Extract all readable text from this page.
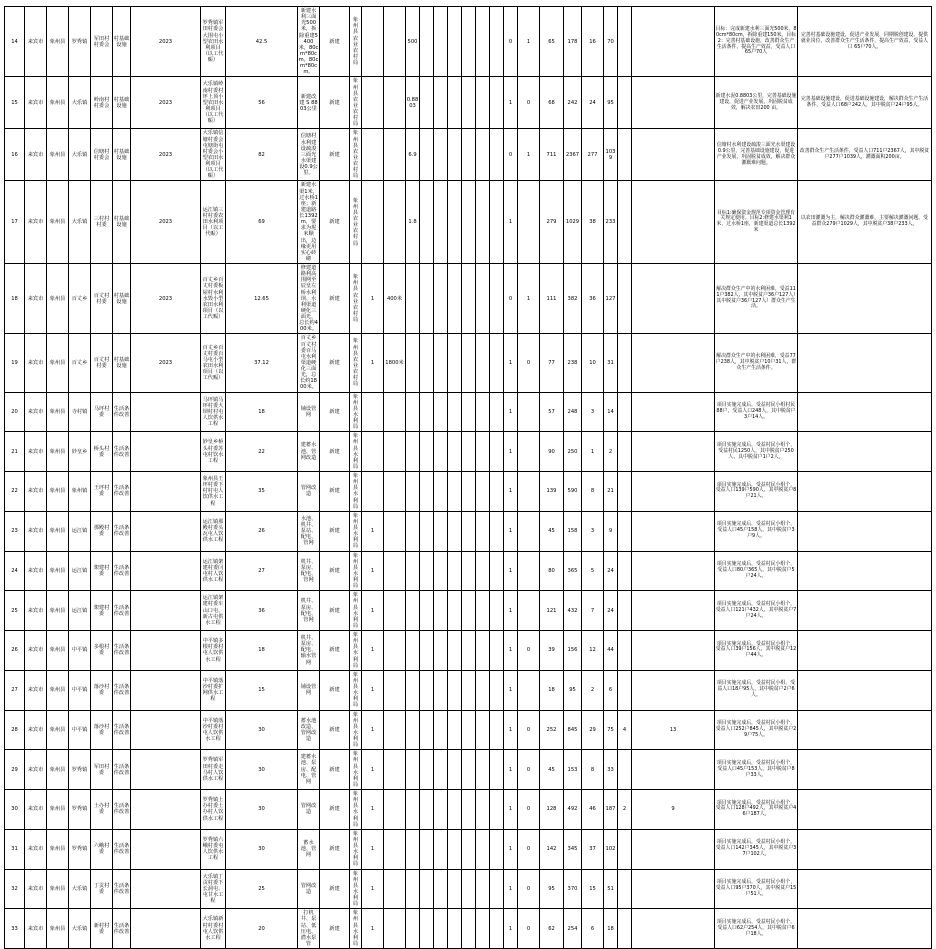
14	来宾市	象州县	罗秀镇	军田村村委会	村基础设施	2023	罗秀镇军田村委会大围屯小型农田水利项目（以工代赈）	42.5	新建水利三面光500米，拆除重建5400米，80cm*80cm，80cm*80cm。	新建	象州县农业农村局			500							0	1	65	178	16	70			目标：完成新建水利三面光500米、80cm*80cm，拆除重建150米，目标2：完善村基础设施，改善群众生产生活条件，提高生产效益，受益人口 65户70人	完善村基础设施建设，促进产业发展，同期脱创建设，提供就业岗位，改善群众生产生活条件，提高生产效益，受益人口 65户70人。
15	来宾市	象州县	大乐镇	岭南村村委会	村基础设施	2023	大乐镇岭南村委村坪上顶小型农田水利项目（以工代赈）	56	新建改建 S 8803公里	新建	象州县农业农村局			0.8803							1	0	68	242	24	95			新建水泥0.8803公里，完善基础设施建设，促进产业发展，巩固脱贫成效，解决农田200 亩。	完善基础设施建设，促进基础设施建设，解决群众生产生活条件，受益人口68户242人，其中脱贫户24户95人。
16	来宾市	象州县	大乐镇	信塘村村委会	村基础设施	2023	大乐镇信塘村委会屯塘街屯村委会小型农田水利项目（以工代赈）	82	信塘村水利建设疏浚三面光水渠建设0.9公里。	新建	象州县农业农村局			6.9							0	1	711	2367	277	1039			信塘村水利建设疏浚三面光水渠建设0.9公里，完善基础设施建设，促进产业发展，巩固脱贫成效，解决群众灌溉难问题。	改善群众生产生活条件，受益人口711户2367人，其中脱贫户277户1039人，灌溉面积200亩。
17	来宾市	象州县	大乐镇	三村村村委	村基础设施	2023	运江镇三村村委农田水利项目（以工代赈）	69	新建水渠1米，过水桥1座；新建道路长1392m，要求为坭米顺出，边缘更用实心砖砌	新建	象州县农业农村局			1.8							1		279	1029	38	233			目标1:确保资金规范专项资金管理有关规定使用。目标2:修建水渠利1米，过水桥1座，新建渠道总长1392米	以农田灌溉为主，解决群众灌溉难，主要解决灌溉问题，受益群众279户1029人，其中脱贫户38户233人。
18	来宾市	象州县	百丈乡	百丈村村委	村基础设施	2023	百丈乡百丈村委板屋村水利水毁小型农田水利项目（以工代赈）	12.65	修建道路利高围网至辰皇左桥水利坝、水利渠道硬化三面光，总长约400米。	新建	象州县农业农村局	1	400米								0	1	111	382	36	127			解决群众生产中的水利困难，受益111户382人，其中脱贫户36户127人）其中脱贫户36户127人）群众生产生活。	
19	来宾市	象州县	百丈乡	百丈村村委	村基础设施	2023	百丈乡百丈村委百马屯小型农田水利项目（以工代赈）	37.12	百丈乡百丈村委百马屯水利渠道硬化三面光，总长约1800米。	新建	象州县农业农村局	1	1800米								1	0	77	238	10	31			解决群众生产中的水利困难，受益77户238人，其中脱贫户10户31人，群众生产生活条件。	
20	来宾市	象州县	寺村镇	马坪村委	生活条件改善		马坪镇马坪村委大坝村村屯人饮供水工程	18	铺设管网	新建	象州县水利局										1		57	248	3	14			项目实施完成后，受益村民小组村民88户，受益人口248人，其中脱贫户3户14人。	
21	来宾市	象州县	妙皇乡	桥头村委	生活条件改善		妙皇乡桥头村委苏屯村饮水工程	22	建蓄水池、管网改造	新建	象州县水利局										1		90	250	1	2			项目实施完成后，受益村民小组个，受益村民1250人，其中脱贫户250人，具中脱贫户1户2人。	
22	来宾市	象州县	象州镇	王坪村委	生活条件改善		象州县王坪村委下村村屯人饮供水工程	35	管网改造	新建	象州县水利局										1		139	590	8	21			项目实施完成后，受益村民小组个，受益人口139户590人，其中脱贫户8户21人。	
23	来宾市	象州县	运江镇	那殿村委	生活条件改善		运江镇那殿村委头瓦屯人饮供水工程	26	水池、机井、泵站、配电、管网	新建	象州县水利局	1									1		45	158	3	9			项目实施完成后，受益村民小组个，受益人口45户158人，其中脱贫户3户9人。	
24	来宾市	象州县	运江镇	架建村委	生活条件改善		运江镇架建村委闫屯村人饮供水工程	27	机井、泵房、配电、管网	新建	象州县水利局	1									1		80	365	5	24			项目实施完成后，受益村民小组个，受益人口80户365人，其中脱贫户5户24人。	
25	来宾市	象州县	运江镇	架建村委	生活条件改善		运江镇架建村委车山口屯、新古屯供水工程	36	机井、泵房、配电、管网	新建	象州县水利局	1									1		121	432	7	24			项目实施完成后，受益村民小组个，受益人口121户432人，其中脱贫户7户24人。	
26	来宾市	象州县	中平镇	多根村委	生活条件改善		中平镇多根村委村屯人饮供水工程	18	机井、泵房、配电、输水管网	新建	象州县水利局	1									1	0	39	156	12	44			项目实施完成后，受益村民小组个，受益人口39户156人，其中脱贫户12户44人。	
27	来宾市	象州县	中平镇	落沙村委	生活条件改善		中平镇落沙村委扩网供水工程	15	铺设管网	新建	象州县水利局	1									1		18	95	2	6			项目实施完成后，受益村民小组，受益人口18户95人，其中脱贫户2户6人。	
28	来宾市	象州县	中平镇	落沙村委	生活条件改善		中平镇落沙村委村屯人饮供水工程	30	蓄水池改造、管网改造	新建	象州县水利局	1									1	0	252	845	29	75	4	13	项目实施完成后，受益村民小组个，受益人口252户845人，其中脱贫户29户75人。	
29	来宾市	象州县	罗秀镇	军田村委	生活条件改善		罗秀镇军田村委走马村人饮供水工程	30	建蓄水池、泵房、配电、管网	新建	象州县水利局	1									1	0	45	153	8	33			项目实施完成后，受益村民小组个，受益人口45户153人，其中脱贫户8户33人。	
30	来宾市	象州县	罗秀镇	土办村委	生活条件改善		罗秀镇土办村委土办村人饮供水工程	30	管网改造	新建	象州县水利局	1									1	0	128	492	46	187	2	9	项目实施完成后，受益村民小组个，受益人口128户492人，其中脱贫户46户187人。	
31	来宾市	象州县	罗秀镇	六峨村委	生活条件改善		罗秀镇六峨村委屯人饮供水工程	30	蓄水池、管网	新建	象州县水利局	1									1	0	142	345	37	102			项目实施完成后，受益村民小组个，受益人口142户345人，其中脱贫户37户102人。	
32	来宾市	象州县	大乐镇	丁贡村委	生活条件改善		大乐镇丁贡村委下长洞屯、屯甘水工程	25	管网改造	新建	象州县水利局	1									1	0	95	370	15	51			项目实施完成后，受益村民小组个，受益人口95户370人，其中脱贫户15户51人。	
33	来宾市	象州县	大乐镇	新村村委	生活条件改善		大乐镇新村村委村屯人饮供水工程	20	打机井、泵站、低压电、潜水泵管	新建	象州县水利局	1									1	0	62	254	6	18			项目实施完成后，受益村民小组个，受益人口62户254人，其中脱贫户6户18人。	
